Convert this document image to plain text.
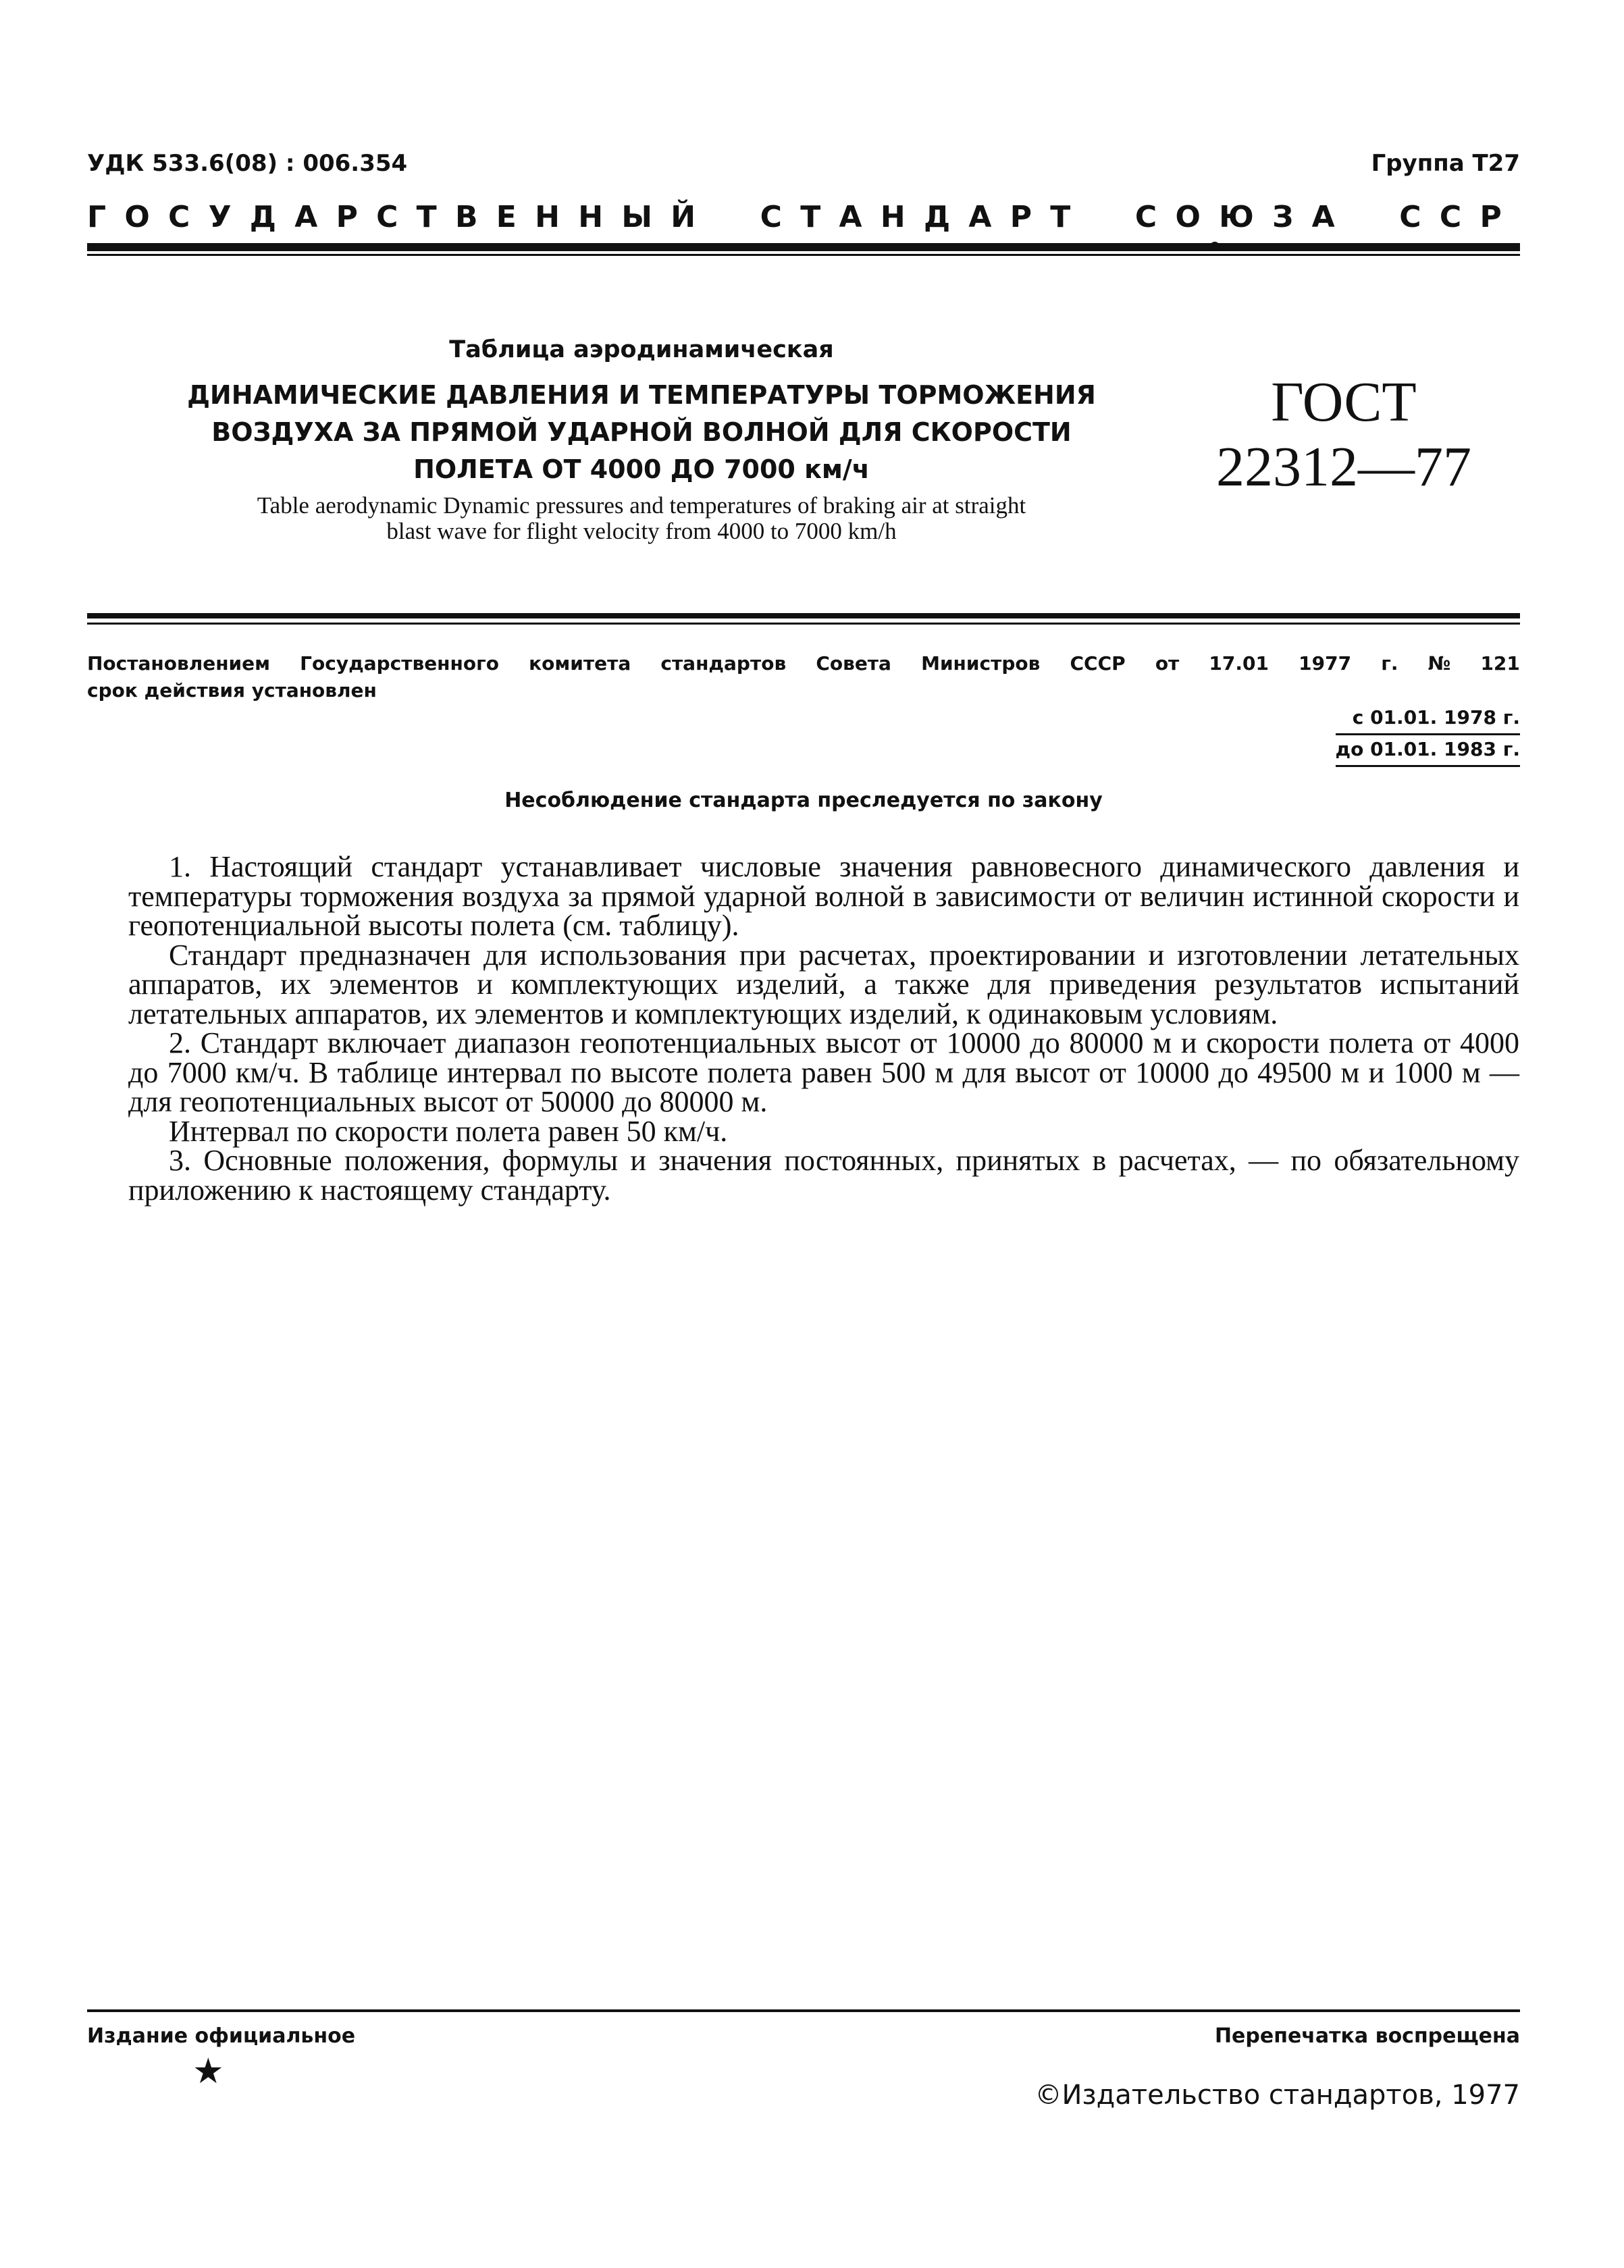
УДК 533.6(08) : 006.354	Группа Т27
ГОСУДАРСТВЕННЫЙ СТАНДАРТ СОЮЗА ССР
Таблица аэродинамическая
ДИНАМИЧЕСКИЕ ДАВЛЕНИЯ И ТЕМПЕРАТУРЫ ТОРМОЖЕНИЯ
ВОЗДУХА ЗА ПРЯМОЙ УДАРНОЙ ВОЛНОЙ ДЛЯ СКОРОСТИ
ПОЛЕТА ОТ 4000 ДО 7000 км/ч
Table aerodynamic Dynamic pressures and temperatures of braking air at straight
blast wave for flight velocity from 4000 to 7000 km/h
ГОСТ
22312—77
Постановлением Государственного комитета стандартов Совета Министров СССР от 17.01 1977 г. № 121
срок действия установлен
с 01.01. 1978 г.
до 01.01. 1983 г.
Несоблюдение стандарта преследуется по закону

1. Настоящий стандарт устанавливает числовые значения равновесного динамического давления и температуры торможения воздуха за прямой ударной волной в зависимости от величин истинной скорости и геопотенциальной высоты полета (см. таблицу).

Стандарт предназначен для использования при расчетах, проектировании и изготовлении летательных аппаратов, их элементов и комплектующих изделий, а также для приведения результатов испытаний летательных аппаратов, их элементов и комплектующих изделий, к одинаковым условиям.

2. Стандарт включает диапазон геопотенциальных высот от 10000 до 80000 м и скорости полета от 4000 до 7000 км/ч. В таблице интервал по высоте полета равен 500 м для высот от 10000 до 49500 м и 1000 м — для геопотенциальных высот от 50000 до 80000 м.

Интервал по скорости полета равен 50 км/ч.

3. Основные положения, формулы и значения постоянных, принятых в расчетах, — по обязательному приложению к настоящему стандарту.

Издание официальное	Перепечатка воспрещена
★
©Издательство стандартов, 1977
